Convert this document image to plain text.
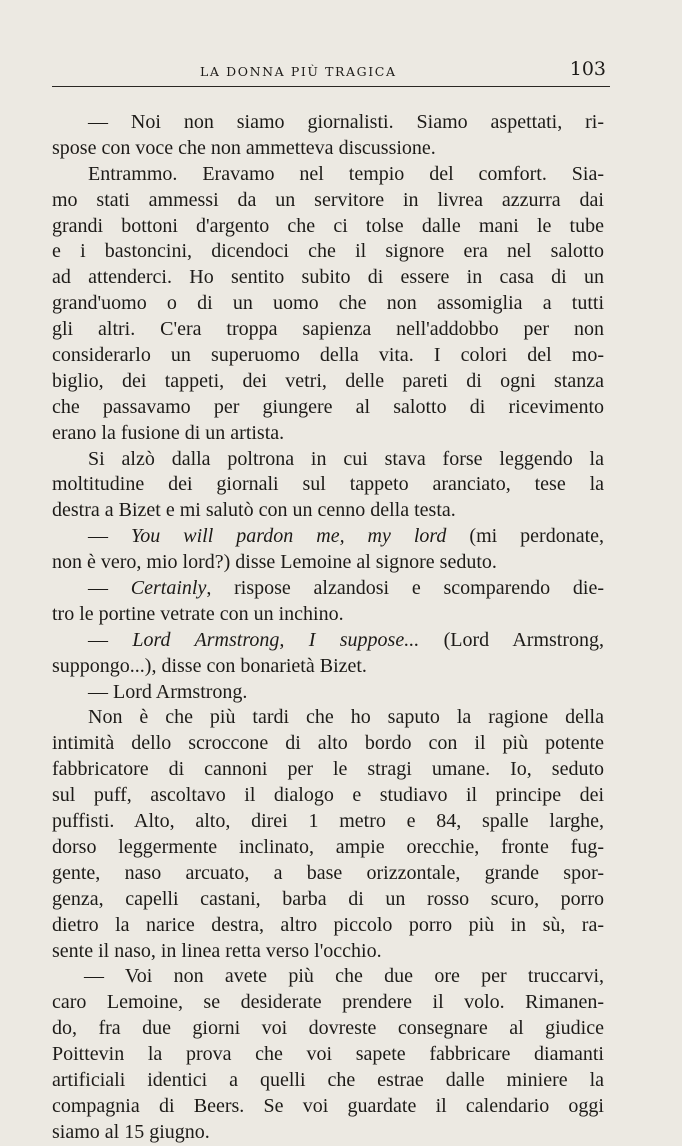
LA DONNA PIÙ TRAGICA	103
— Noi non siamo giornalisti. Siamo aspettati, ri-
spose con voce che non ammetteva discussione.
Entrammo. Eravamo nel tempio del comfort. Sia-
mo stati ammessi da un servitore in livrea azzurra dai
grandi bottoni d'argento che ci tolse dalle mani le tube
e i bastoncini, dicendoci che il signore era nel salotto
ad attenderci. Ho sentito subito di essere in casa di un
grand'uomo o di un uomo che non assomiglia a tutti
gli altri. C'era troppa sapienza nell'addobbo per non
considerarlo un superuomo della vita. I colori del mo-
biglio, dei tappeti, dei vetri, delle pareti di ogni stanza
che passavamo per giungere al salotto di ricevimento
erano la fusione di un artista.
Si alzò dalla poltrona in cui stava forse leggendo la
moltitudine dei giornali sul tappeto aranciato, tese la
destra a Bizet e mi salutò con un cenno della testa.
— You will pardon me, my lord (mi perdonate,
non è vero, mio lord?) disse Lemoine al signore seduto.
— Certainly, risposе alzandosi e scomparendo die-
tro le portine vetrate con un inchino.
— Lord Armstrong, I suppose... (Lord Armstrong,
suppongo...), disse con bonarietà Bizet.
— Lord Armstrong.
Non è che più tardi che ho saputo la ragione della
intimità dello scroccone di alto bordo con il più potente
fabbricatore di cannoni per le stragi umane. Io, seduto
sul puff, ascoltavo il dialogo e studiavo il principe dei
puffisti. Alto, alto, direi 1 metro e 84, spalle larghe,
dorso leggermente inclinato, ampie orecchie, fronte fug-
gente, naso arcuato, a base orizzontale, grande spor-
genza, capelli castani, barba di un rosso scuro, porro
dietro la narice destra, altro piccolo porro più in sù, ra-
sente il naso, in linea retta verso l'occhio.
— Voi non avete più che due ore per truccarvi,
caro Lemoine, se desiderate prendere il volo. Rimanen-
do, fra due giorni voi dovreste consegnare al giudice
Poittevin la prova che voi sapete fabbricare diamanti
artificiali identici a quelli che estrae dalle miniere la
compagnia di Beers. Se voi guardate il calendario oggi
siamo al 15 giugno.
